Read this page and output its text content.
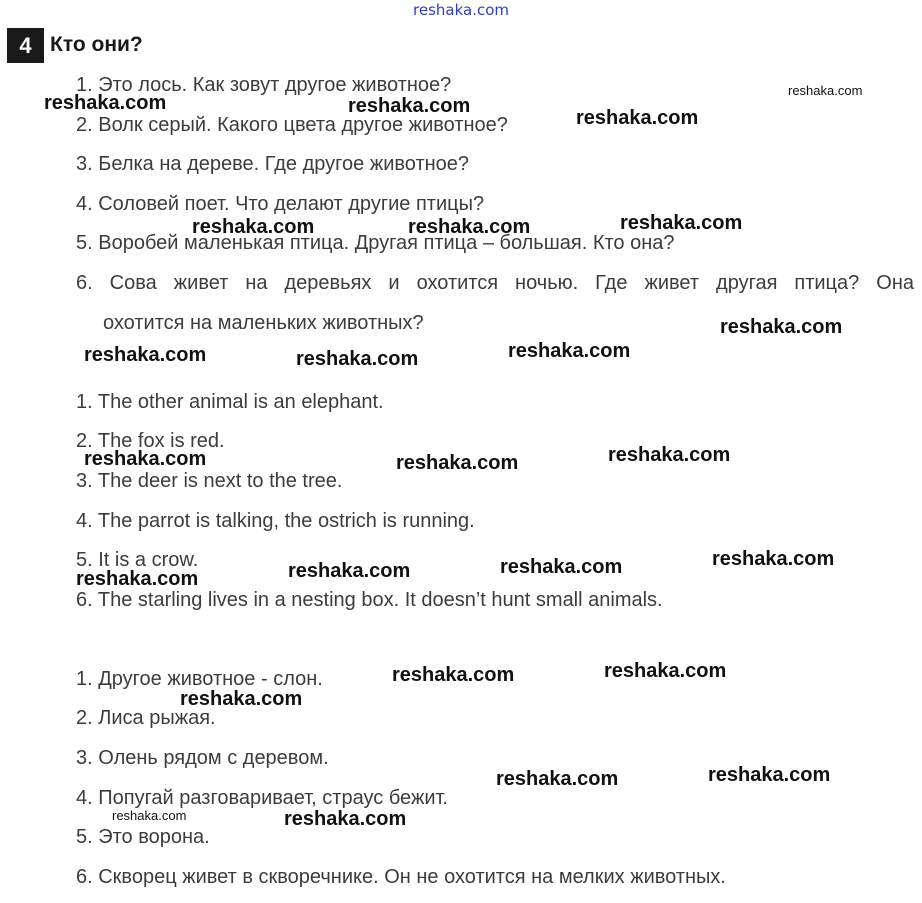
reshaka.com
4 Кто они?
1. Это лось. Как зовут другое животное?
2. Волк серый. Какого цвета другое животное?
3. Белка на дереве. Где другое животное?
4. Соловей поет. Что делают другие птицы?
5. Воробей маленькая птица. Другая птица – большая. Кто она?
6. Сова живет на деревьях и охотится ночью. Где живет другая птица? Она
охотится на маленьких животных?
1. The other animal is an elephant.
2. The fox is red.
3. The deer is next to the tree.
4. The parrot is talking, the ostrich is running.
5. It is a crow.
6. The starling lives in a nesting box. It doesn’t hunt small animals.
1. Другое животное - слон.
2. Лиса рыжая.
3. Олень рядом с деревом.
4. Попугай разговаривает, страус бежит.
5. Это ворона.
6. Скворец живет в скворечнике. Он не охотится на мелких животных.
reshaka.com
reshaka.com	reshaka.com
reshaka.com
reshaka.com
reshaka.com	reshaka.com
reshaka.com
reshaka.com
reshaka.com	reshaka.com
reshaka.com
reshaka.com	reshaka.com
reshaka.com
reshaka.com
reshaka.com
reshaka.com
reshaka.com
reshaka.com
reshaka.com
reshaka.com
reshaka.com
reshaka.com	reshaka.com
